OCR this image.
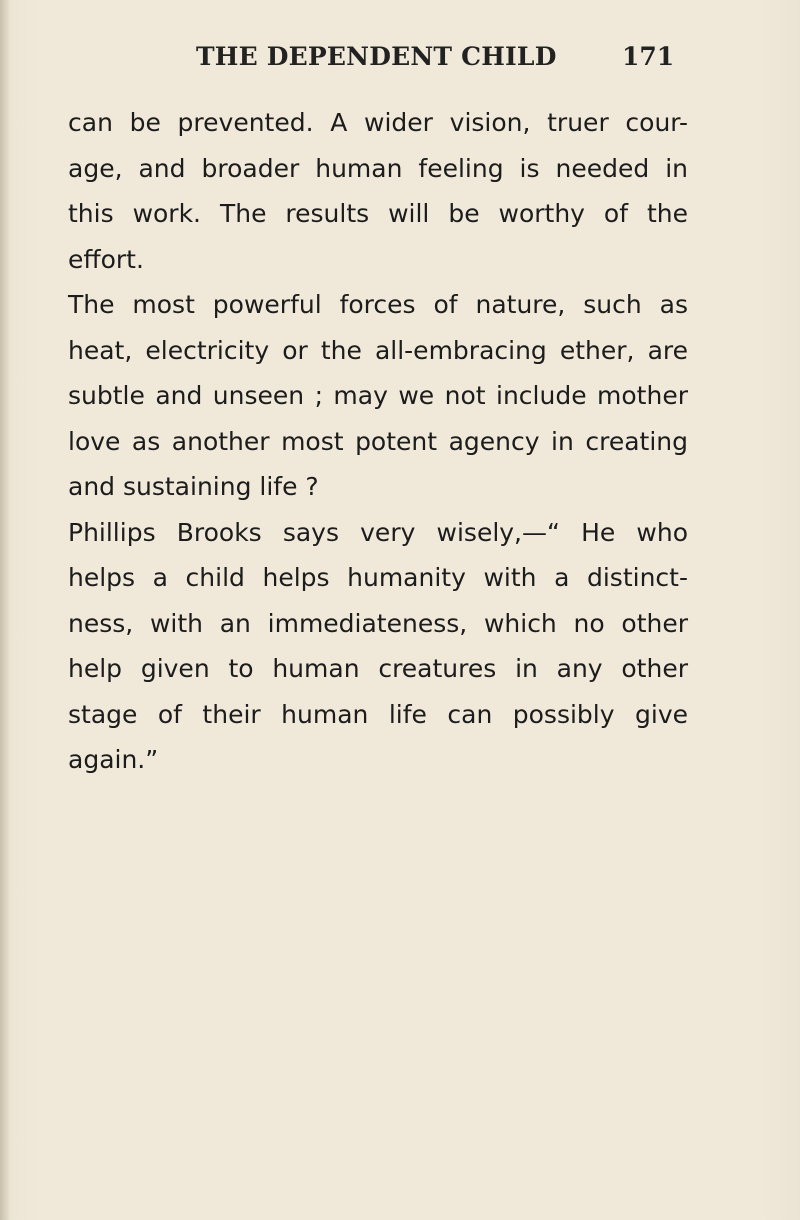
THE DEPENDENT CHILD	171
can be prevented. A wider vision, truer cour-
age, and broader human feeling is needed in
this work. The results will be worthy of the
effort.
The most powerful forces of nature, such as
heat, electricity or the all-embracing ether, are
subtle and unseen ; may we not include mother
love as another most potent agency in creating
and sustaining life ?
Phillips Brooks says very wisely,—“ He who
helps a child helps humanity with a distinct-
ness, with an immediateness, which no other
help given to human creatures in any other
stage of their human life can possibly give
again.”
